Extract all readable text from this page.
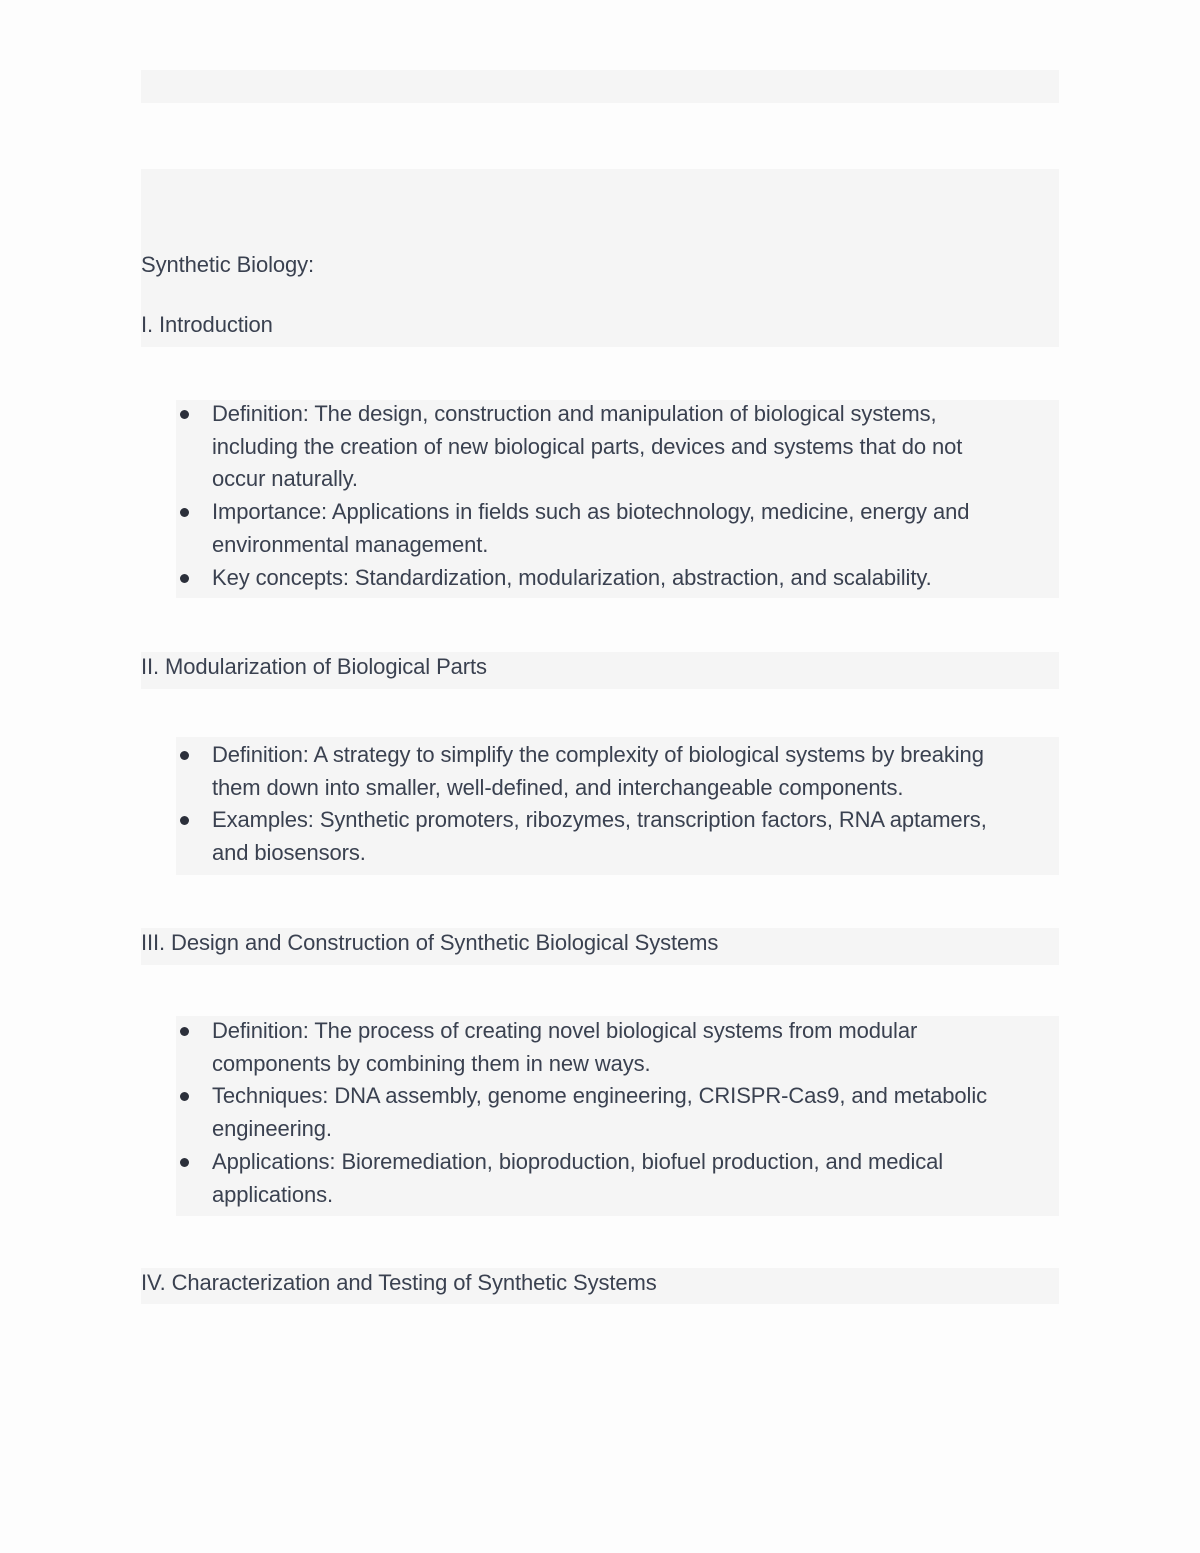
Synthetic Biology:
I. Introduction
Definition: The design, construction and manipulation of biological systems,
including the creation of new biological parts, devices and systems that do not
occur naturally.
Importance: Applications in fields such as biotechnology, medicine, energy and
environmental management.
Key concepts: Standardization, modularization, abstraction, and scalability.
II. Modularization of Biological Parts
Definition: A strategy to simplify the complexity of biological systems by breaking
them down into smaller, well-defined, and interchangeable components.
Examples: Synthetic promoters, ribozymes, transcription factors, RNA aptamers,
and biosensors.
III. Design and Construction of Synthetic Biological Systems
Definition: The process of creating novel biological systems from modular
components by combining them in new ways.
Techniques: DNA assembly, genome engineering, CRISPR-Cas9, and metabolic
engineering.
Applications: Bioremediation, bioproduction, biofuel production, and medical
applications.
IV. Characterization and Testing of Synthetic Systems
